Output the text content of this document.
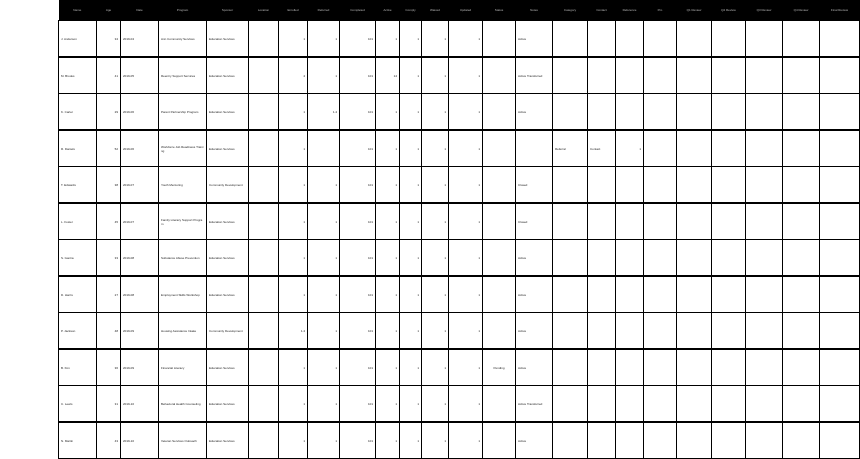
Name	Age	Date	Program	Sponsor	Location	Enrolled	Referred	Completed	Active	Comply	Waived	Updated	Status	Notes	Category	Contact	Reference	Pro	Q1 Review	Q2 Review	Q3 Review	Q4 Review	Final Review
J. Anderson	34	2019-04	Ann Community Services	Education Services		1	1	101	1	1	1	1		Active									
M. Brooks	41	2019-05	Reentry Support Services	Education Services		4	1	101	14	1	1	1		Active Transferred									
K. Carter	29	2019-06	Parent Partnership Program	Education Services		1	1.4	101	1	1	1	1		Active									
R. Daniels	52	2019-06	Workforce Job Readiness Training	Education Services		1		101	1	1	1	1			Referral	Contact	1						
T. Edwards	38	2019-07	Youth Mentoring	Community Development		1	1	101	1	1	1	1		Closed									
L. Foster	45	2019-07	Family Literacy Support Program	Education Services		1	1	101	1	1	1	1		Closed									
S. Garcia	33	2019-08	Substance Abuse Prevention	Education Services		1	1	101	1	1	1	1		Active									
D. Harris	27	2019-08	Employment Skills Workshop	Education Services		1	1	101	1	1	1	1		Active									
P. Jackson	48	2019-09	Housing Assistance Intake	Community Development		1.4	1	101	1	1	1	1		Active									
B. Kim	36	2019-09	Financial Literacy	Education Services		1	1	101	1	1	1	1	Pending	Active									
C. Lewis	31	2019-10	Behavioral Health Counseling	Education Services		1	1	101	1	1	1	1		Active Transferred									
N. Martin	43	2019-10	Veteran Services Outreach	Education Services		1	1	101	1	1	1	1		Active									
